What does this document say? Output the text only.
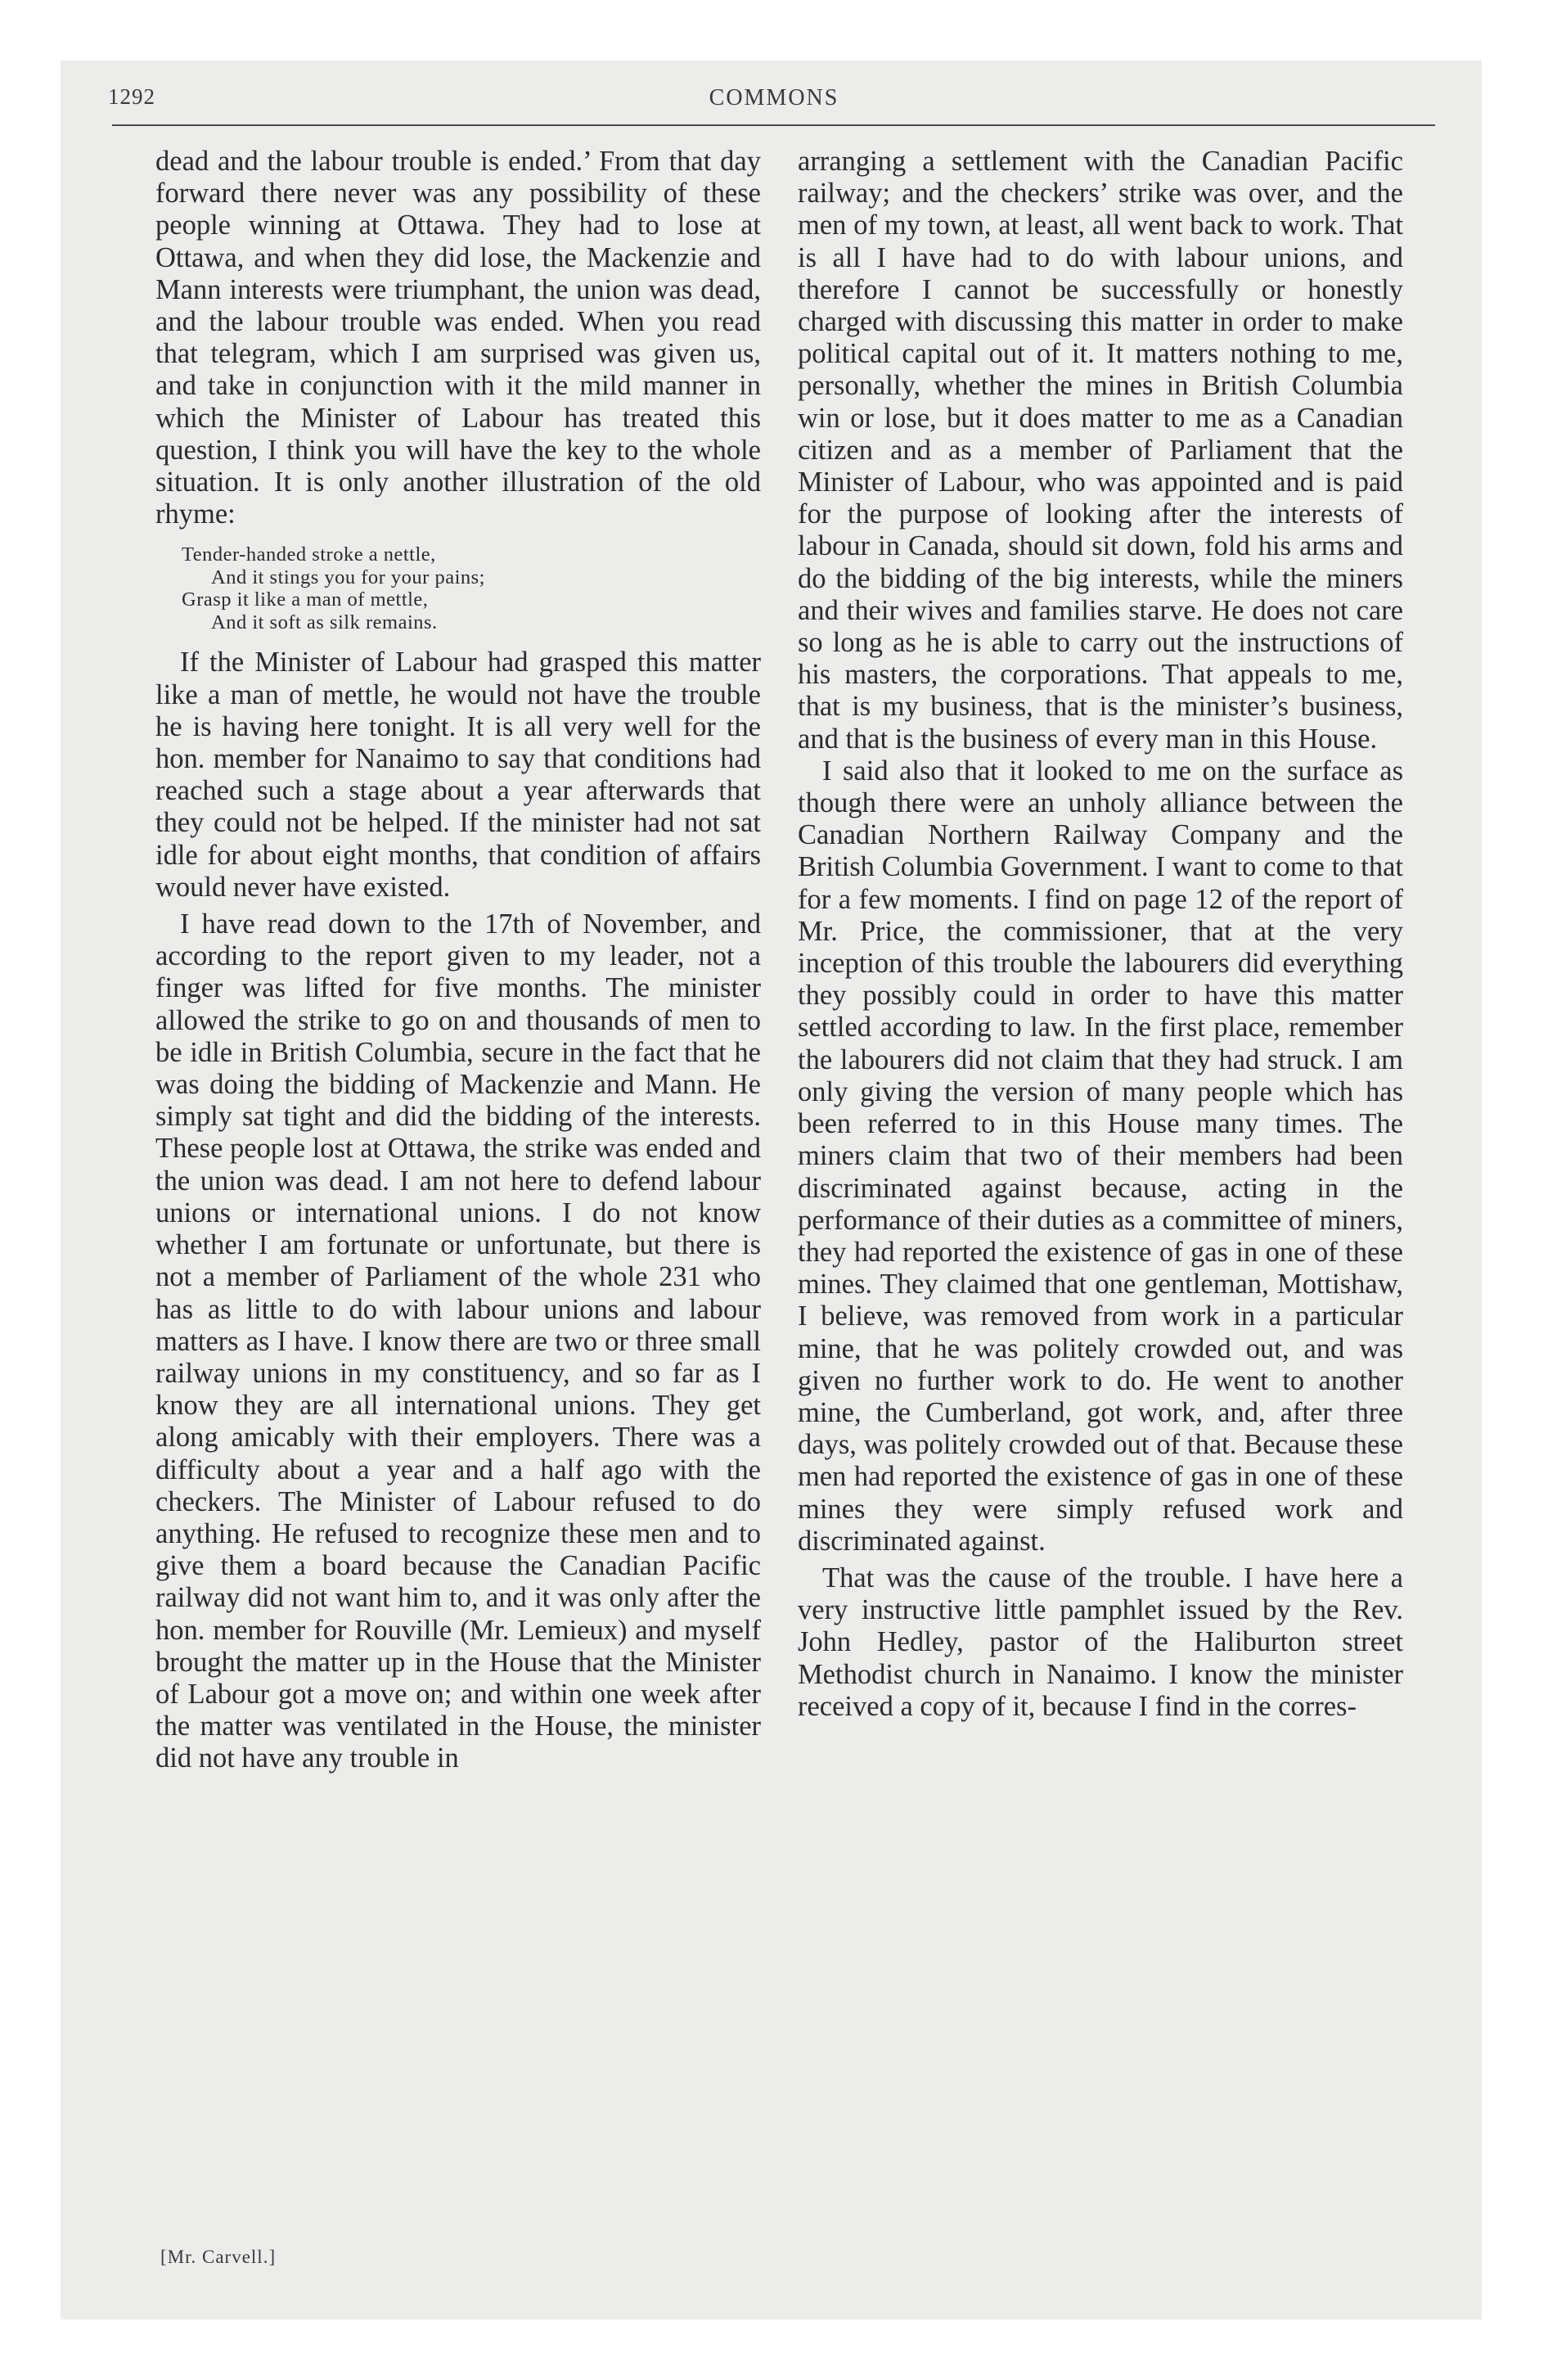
1292	COMMONS

dead and the labour trouble is ended.’ From that day forward there never was any possibility of these people winning at Ottawa. They had to lose at Ottawa, and when they did lose, the Mackenzie and Mann interests were triumphant, the union was dead, and the labour trouble was ended. When you read that telegram, which I am surprised was given us, and take in conjunction with it the mild manner in which the Minister of Labour has treated this question, I think you will have the key to the whole situation. It is only another illustration of the old rhyme:

Tender-handed stroke a nettle,
And it stings you for your pains;
Grasp it like a man of mettle,
And it soft as silk remains.

If the Minister of Labour had grasped this matter like a man of mettle, he would not have the trouble he is having here tonight. It is all very well for the hon. member for Nanaimo to say that conditions had reached such a stage about a year afterwards that they could not be helped. If the minister had not sat idle for about eight months, that condition of affairs would never have existed.

I have read down to the 17th of November, and according to the report given to my leader, not a finger was lifted for five months. The minister allowed the strike to go on and thousands of men to be idle in British Columbia, secure in the fact that he was doing the bidding of Mackenzie and Mann. He simply sat tight and did the bidding of the interests. These people lost at Ottawa, the strike was ended and the union was dead. I am not here to defend labour unions or international unions. I do not know whether I am fortunate or unfortunate, but there is not a member of Parliament of the whole 231 who has as little to do with labour unions and labour matters as I have. I know there are two or three small railway unions in my constituency, and so far as I know they are all international unions. They get along amicably with their employers. There was a difficulty about a year and a half ago with the checkers. The Minister of Labour refused to do anything. He refused to recognize these men and to give them a board because the Canadian Pacific railway did not want him to, and it was only after the hon. member for Rouville (Mr. Lemieux) and myself brought the matter up in the House that the Minister of Labour got a move on; and within one week after the matter was ventilated in the House, the minister did not have any trouble in

arranging a settlement with the Canadian Pacific railway; and the checkers’ strike was over, and the men of my town, at least, all went back to work. That is all I have had to do with labour unions, and therefore I cannot be successfully or honestly charged with discussing this matter in order to make political capital out of it. It matters nothing to me, personally, whether the mines in British Columbia win or lose, but it does matter to me as a Canadian citizen and as a member of Parliament that the Minister of Labour, who was appointed and is paid for the purpose of looking after the interests of labour in Canada, should sit down, fold his arms and do the bidding of the big interests, while the miners and their wives and families starve. He does not care so long as he is able to carry out the instructions of his masters, the corporations. That appeals to me, that is my business, that is the minister’s business, and that is the business of every man in this House.

I said also that it looked to me on the surface as though there were an unholy alliance between the Canadian Northern Railway Company and the British Columbia Government. I want to come to that for a few moments. I find on page 12 of the report of Mr. Price, the commissioner, that at the very inception of this trouble the labourers did everything they possibly could in order to have this matter settled according to law. In the first place, remember the labourers did not claim that they had struck. I am only giving the version of many people which has been referred to in this House many times. The miners claim that two of their members had been discriminated against because, acting in the performance of their duties as a committee of miners, they had reported the existence of gas in one of these mines. They claimed that one gentleman, Mottishaw, I believe, was removed from work in a particular mine, that he was politely crowded out, and was given no further work to do. He went to another mine, the Cumberland, got work, and, after three days, was politely crowded out of that. Because these men had reported the existence of gas in one of these mines they were simply refused work and discriminated against.

That was the cause of the trouble. I have here a very instructive little pamphlet issued by the Rev. John Hedley, pastor of the Haliburton street Methodist church in Nanaimo. I know the minister received a copy of it, because I find in the corres-

[Mr. Carvell.]
